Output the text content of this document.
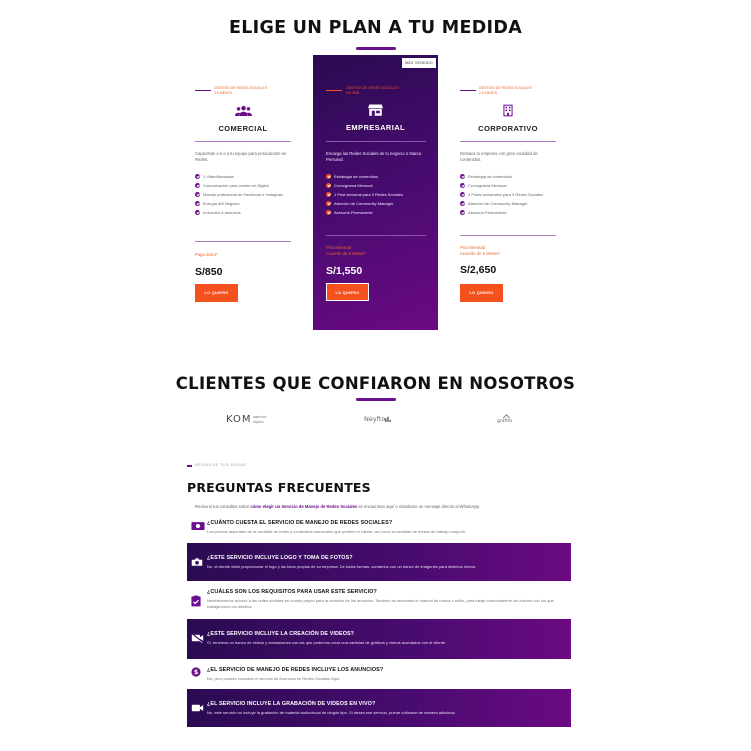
ELIGE UN PLAN A TU MEDIDA
GESTIÓN DE REDES SOCIALES
2.5 MESES
COMERCIAL
Capacítate a ti o a tu equipo para posicionarte en Redes.
1 Video/llamadas
Comunicación para vender en Digital
Manejo profesional de Facebook e Instagram
Energía 4M Negocio
Inducción a anuncios
Pago único*
S/850
LO QUIERO
MÁS VENDIDO
GESTIÓN DE REDES SOCIALES
0/5 2MB
EMPRESARIAL
Encarga las Redes Sociales de tu negocio o Marca Personal.
Estrategia de contenidos
Cronograma Mensual
1 Post semanal para 3 Redes Sociales
Atención de Community Manager
Asesoría Permanente
Pico Mensual
Acuerdo de 6 Meses*
S/1,550
LO QUIERO
GESTIÓN DE REDES SOCIALES
2.5 MESES
CORPORATIVO
Destaca tu empresa con gran cantidad de contenidos.
Estrategia de contenidos
Cronograma Mensual
3 Posts semanales para 3 Redes Sociales
Atención de Community Manager
Asesoría Permanente
Pico Mensual
Acuerdo de 6 Meses*
S/2,650
LO QUIERO
CLIENTES QUE CONFIARON EN NOSOTROS
KOM agencia
digital	Neyfto	grafito
RESUELVE TUS DUDAS
PREGUNTAS FRECUENTES
Revisa si tus consultas sobre cómo elegir un Servicio de Manejo de Redes Sociales se encuentran aquí o mándame un mensaje directo al WhatsApp.
¿CUÁNTO CUESTA EL SERVICIO DE MANEJO DE REDES SOCIALES?
Los precios dependen de la cantidad de redes y contenidos mensuales que prefiere el cliente, así como la cantidad de meses de trabajo conjunto.
¿ESTE SERVICIO INCLUYE LOGO Y TOMA DE FOTOS?
No, el cliente debe proporcionar el logo y las fotos propias de su empresa. De todas formas, contamos con un banco de imágenes para distintos rubros.
¿CUÁLES SON LOS REQUISITOS PARA USAR ESTE SERVICIO?
Necesitaremos acceso a las redes sociales en común propio para la creación de los anuncios. También es necesario el manual de marca o estilo, para elegir correctamente los colores con los que trabajaremos los diseños.
¿ESTE SERVICIO INCLUYE LA CREACIÓN DE VIDEOS?
Sí, tenemos un banco de videos y animaciones con las que podemos crear una cantidad de gráficos y videos acordados con el cliente.
$ ¿EL SERVICIO DE MANEJO DE REDES INCLUYE LOS ANUNCIOS?
No, pero puedes consultar el servicio de Anuncios en Redes Sociales Aquí.
¿EL SERVICIO INCLUYE LA GRABACIÓN DE VIDEOS EN VIVO?
No, este servicio no incluye la grabación de material audiovisual de ningún tipo. Si desea ese servicio, puede cotizarse de manera adicional.
